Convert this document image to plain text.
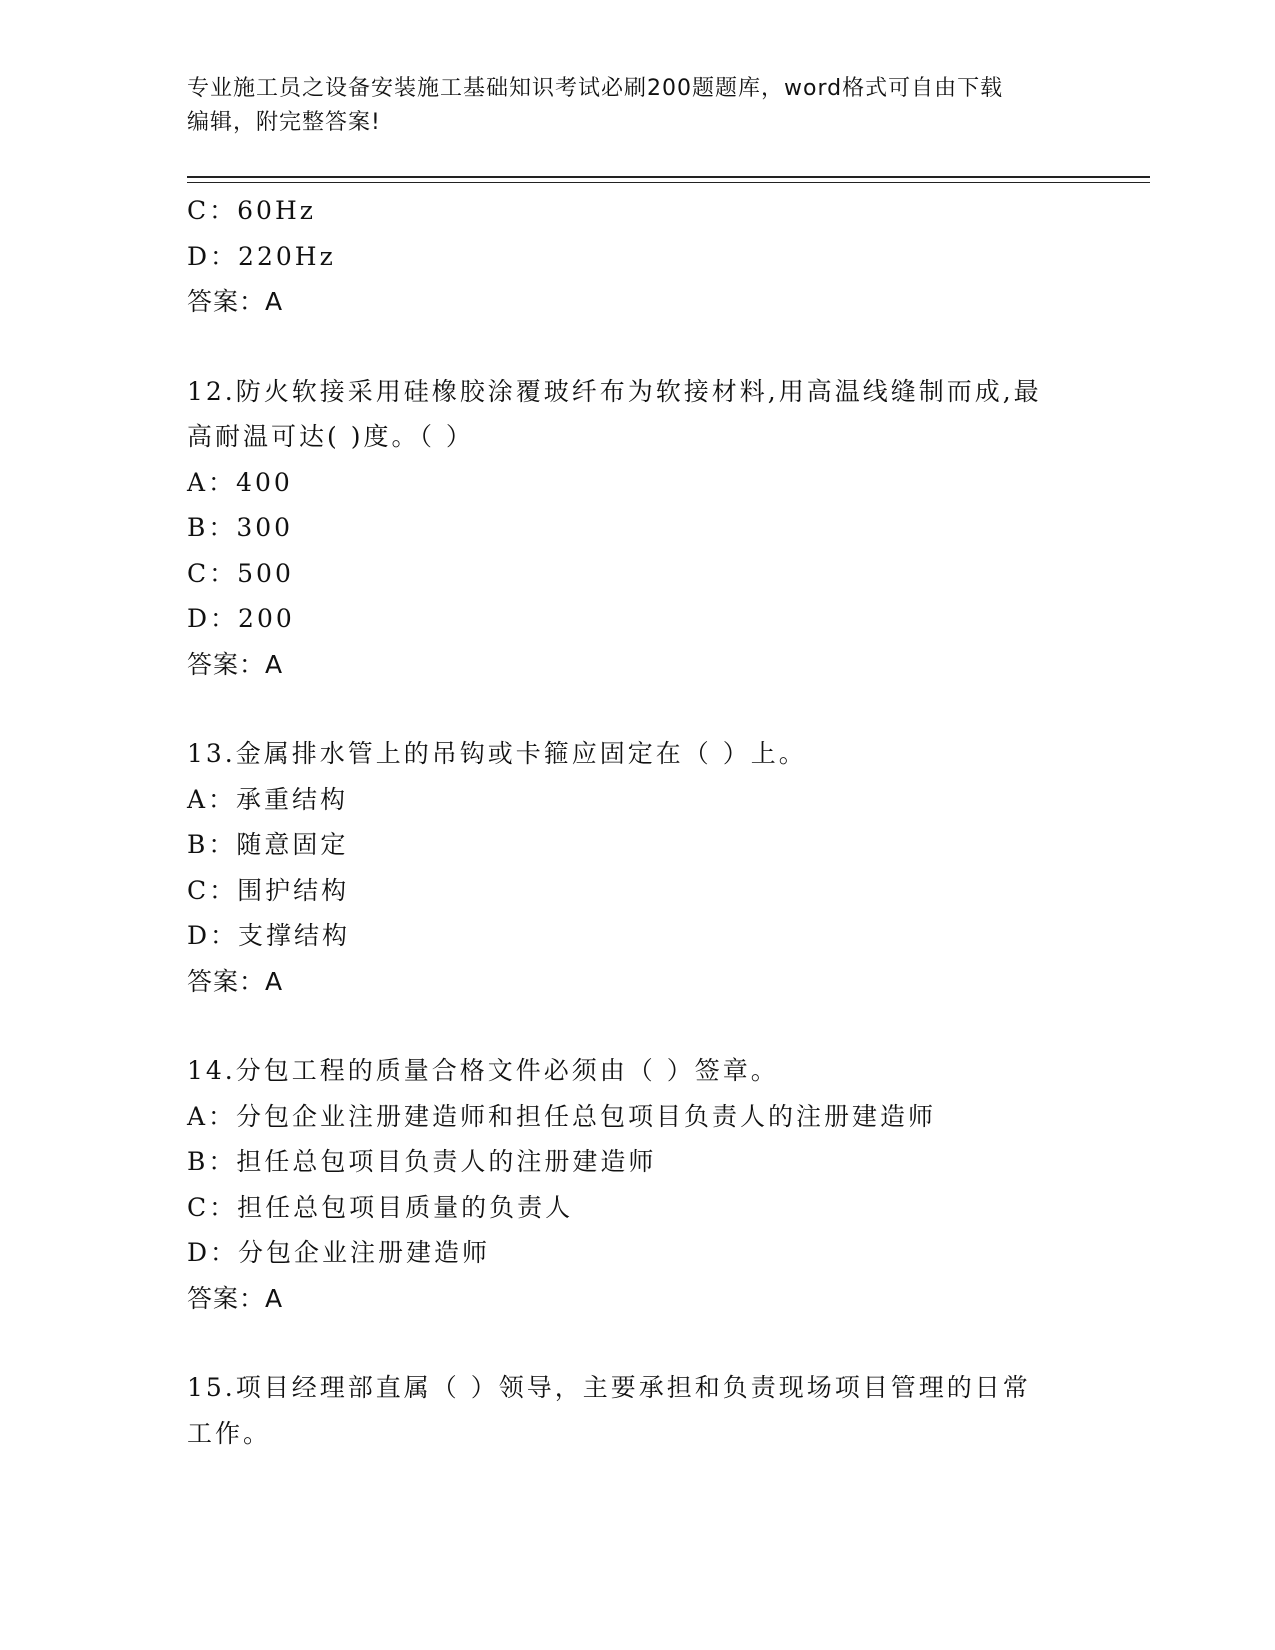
专业施工员之设备安装施工基础知识考试必刷200题题库，word格式可自由下载
编辑，附完整答案!
C：60Hz
D：220Hz
答案：A
12.防火软接采用硅橡胶涂覆玻纤布为软接材料,用高温线缝制而成,最
高耐温可达( )度。（ ）
A：400
B：300
C：500
D：200
答案：A
13.金属排水管上的吊钩或卡箍应固定在（ ）上。
A：承重结构
B：随意固定
C：围护结构
D：支撑结构
答案：A
14.分包工程的质量合格文件必须由（ ）签章。
A：分包企业注册建造师和担任总包项目负责人的注册建造师
B：担任总包项目负责人的注册建造师
C：担任总包项目质量的负责人
D：分包企业注册建造师
答案：A
15.项目经理部直属（ ）领导，主要承担和负责现场项目管理的日常
工作。
